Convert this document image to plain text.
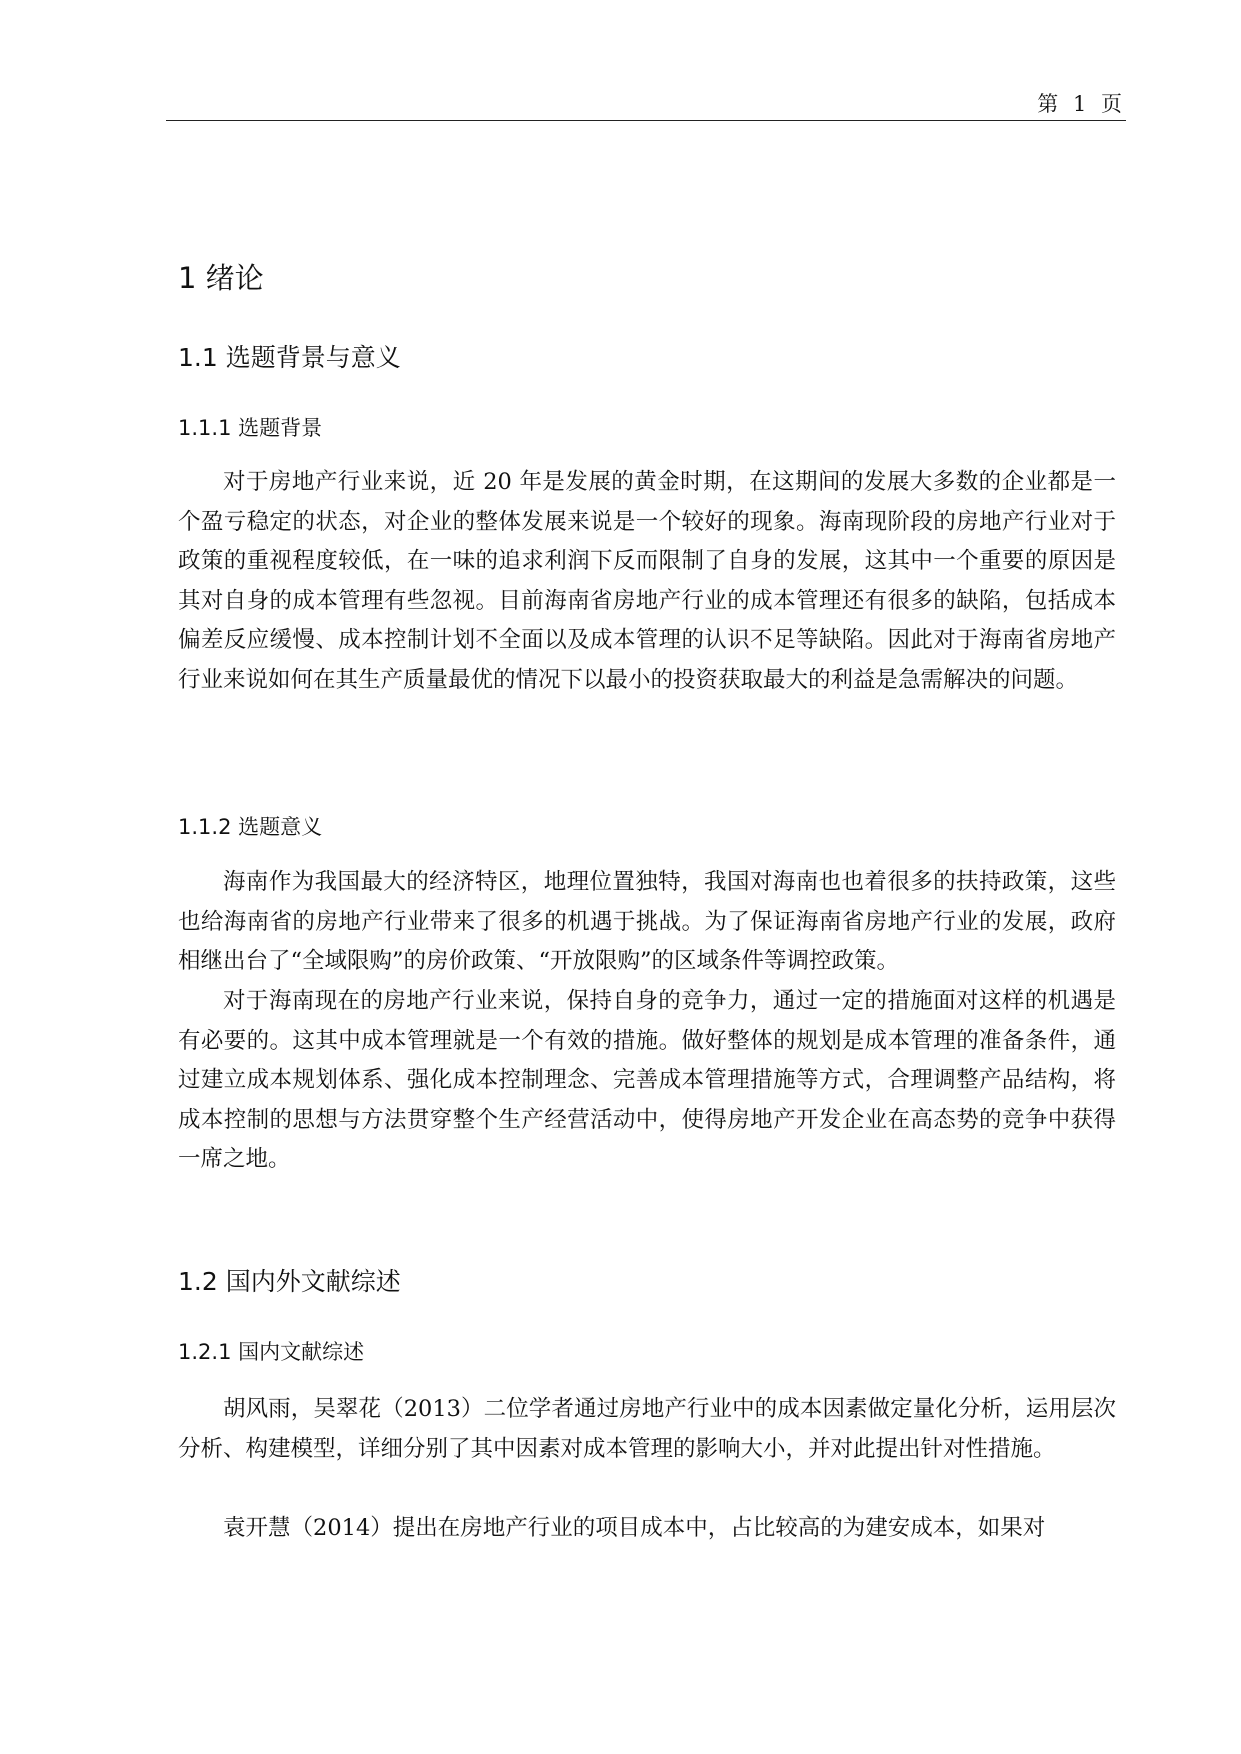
第 1 页
1 绪论
1.1 选题背景与意义
1.1.1 选题背景
对于房地产行业来说，近 20 年是发展的黄金时期，在这期间的发展大多数的企业都是一个盈亏稳定的状态，对企业的整体发展来说是一个较好的现象。海南现阶段的房地产行业对于政策的重视程度较低，在一味的追求利润下反而限制了自身的发展，这其中一个重要的原因是其对自身的成本管理有些忽视。目前海南省房地产行业的成本管理还有很多的缺陷，包括成本偏差反应缓慢、成本控制计划不全面以及成本管理的认识不足等缺陷。因此对于海南省房地产行业来说如何在其生产质量最优的情况下以最小的投资获取最大的利益是急需解决的问题。
1.1.2 选题意义
海南作为我国最大的经济特区，地理位置独特，我国对海南也也着很多的扶持政策，这些也给海南省的房地产行业带来了很多的机遇于挑战。为了保证海南省房地产行业的发展，政府相继出台了“全域限购”的房价政策、“开放限购”的区域条件等调控政策。
对于海南现在的房地产行业来说，保持自身的竞争力，通过一定的措施面对这样的机遇是有必要的。这其中成本管理就是一个有效的措施。做好整体的规划是成本管理的准备条件，通过建立成本规划体系、强化成本控制理念、完善成本管理措施等方式，合理调整产品结构，将成本控制的思想与方法贯穿整个生产经营活动中，使得房地产开发企业在高态势的竞争中获得一席之地。
1.2 国内外文献综述
1.2.1 国内文献综述
胡风雨，吴翠花（2013）二位学者通过房地产行业中的成本因素做定量化分析，运用层次分析、构建模型，详细分别了其中因素对成本管理的影响大小，并对此提出针对性措施。
袁开慧（2014）提出在房地产行业的项目成本中，占比较高的为建安成本，如果对
